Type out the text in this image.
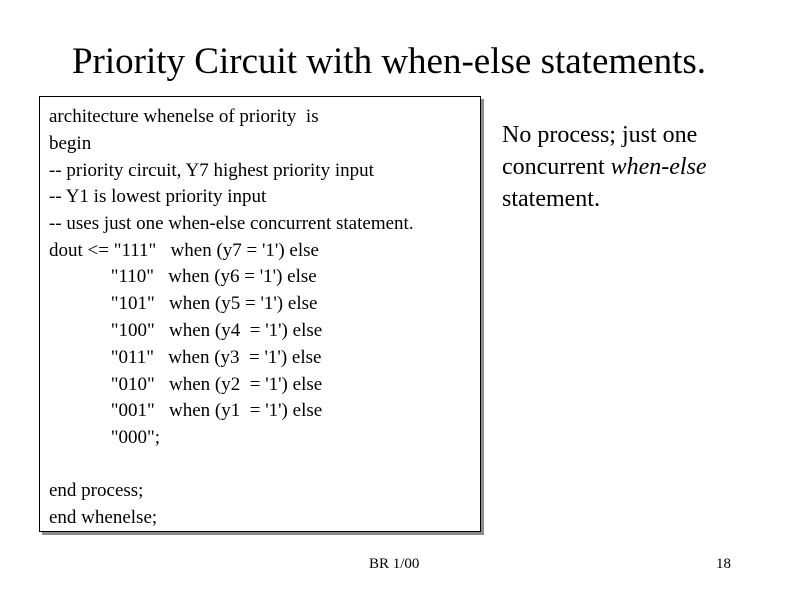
Priority Circuit with when-else statements.
architecture whenelse of priority  is
begin
-- priority circuit, Y7 highest priority input
-- Y1 is lowest priority input
-- uses just one when-else concurrent statement.
dout <= "111"   when (y7 = '1') else
"110"   when (y6 = '1') else
"101"   when (y5 = '1') else
"100"   when (y4  = '1') else
"011"   when (y3  = '1') else
"010"   when (y2  = '1') else
"001"   when (y1  = '1') else
"000";
end process;
end whenelse;
No process; just one
concurrent when-else
statement.
BR 1/00	18
